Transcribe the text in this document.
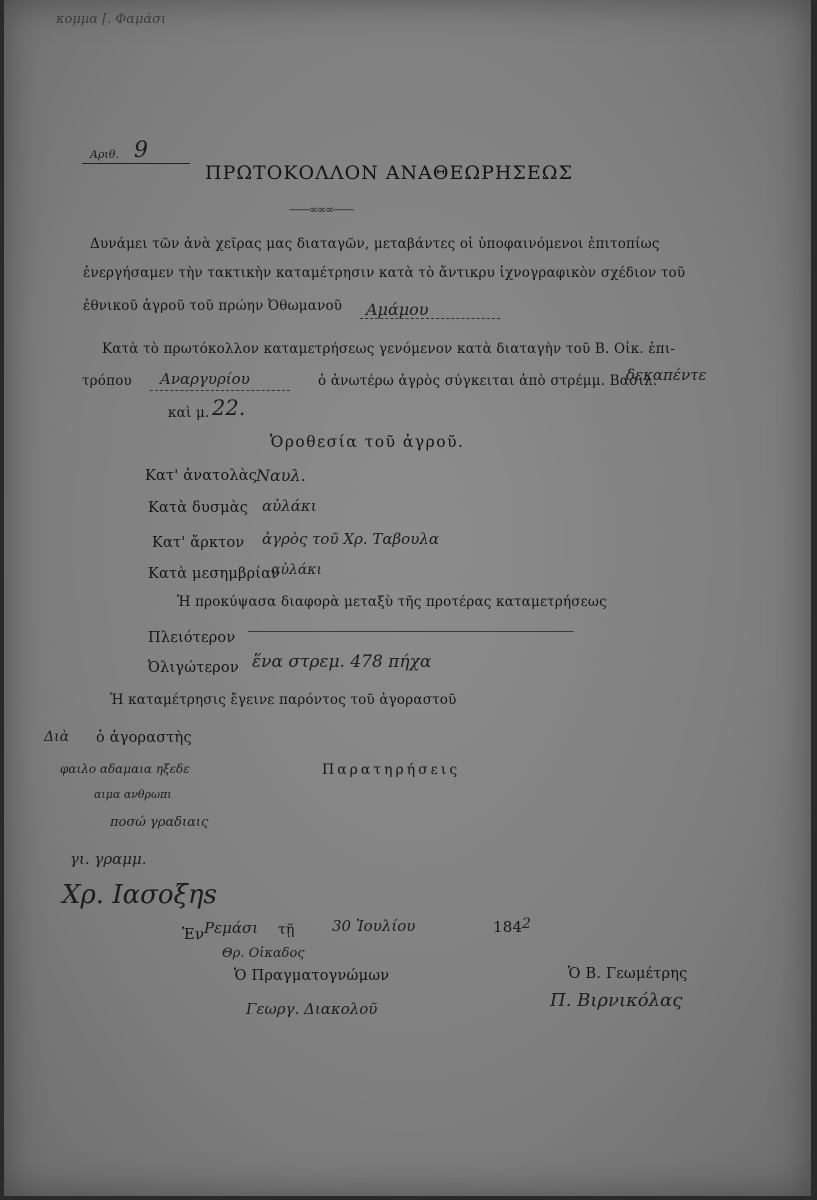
κομμα [. Φαμάσι
Αριθ. 9
ΠΡΩΤΟΚΟΛΛΟΝ ΑΝΑΘΕΩΡΗΣΕΩΣ
——∞∞∞——
Δυνάμει τῶν ἀνὰ χεῖρας μας διαταγῶν, μεταβάντες οἱ ὑποφαινόμενοι ἐπιτοπίως
ἐνεργήσαμεν τὴν τακτικὴν καταμέτρησιν κατὰ τὸ ἄντικρυ ἰχνογραφικὸν σχέδιον τοῦ
ἐθνικοῦ ἀγροῦ τοῦ πρώην Ὀθωμανοῦ Αμάμου
Κατὰ τὸ πρωτόκολλον καταμετρήσεως γενόμενον κατὰ διαταγὴν τοῦ Β. Οἰκ. ἐπι-
τρόπου Αναργυρίου	ὁ ἀνωτέρω ἀγρὸς σύγκειται ἀπὸ στρέμμ. Βασιλ.
δεκαπέντε
καὶ μ. 22.
Ὁροθεσία τοῦ ἀγροῦ.
Κατ' ἀνατολὰς
Ναυλ.
Κατὰ δυσμὰς αὐλάκι
Κατ' ἄρκτον ἀγρὸς τοῦ Χρ. Ταβουλα
Κατὰ μεσημβρίαν
αὐλάκι
Ἡ προκύψασα διαφορὰ μεταξὺ τῆς προτέρας καταμετρήσεως
Πλειότερον
Ὀλιγώτερον ἕνα στρεμ. 478 πήχα
Ἡ καταμέτρησις ἔγεινε παρόντος τοῦ ἀγοραστοῦ
Διὰ ὁ ἀγοραστὴς
Παρατηρήσεις
φαιλο αδαμαια ηξεδε
αιμα ανθρωπι
ποσώ γραδιαις
γι. γραμμ.
Χρ. Ιασοξηs
Ἐν Ρεμάσι τῇ 30 Ἰουλίου	184 2
Θρ. Οἰκαδος
Ὁ Πραγματογνώμων
Γεωργ. Διακολοῦ
Ὁ Β. Γεωμέτρης
Π. Βιρνικόλας
